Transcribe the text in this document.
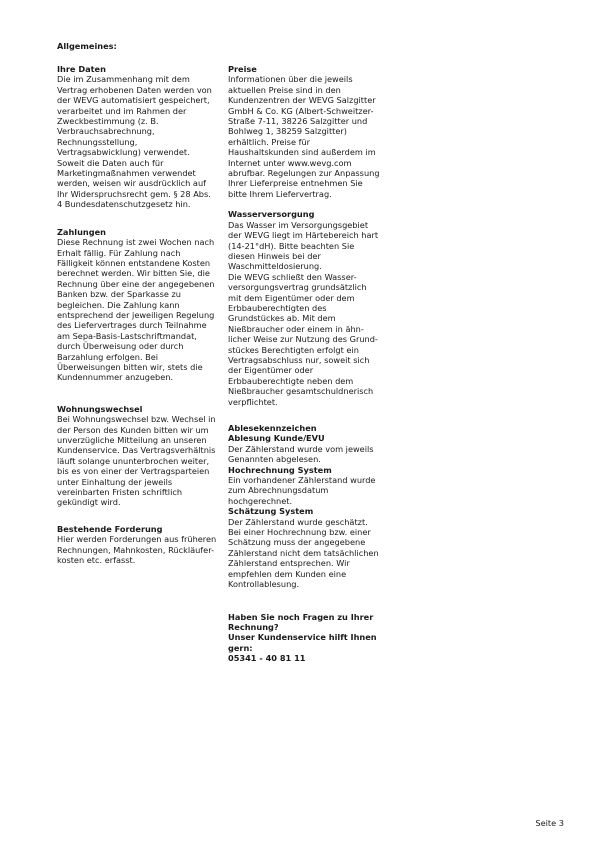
Allgemeines:
Ihre Daten
Die im Zusammenhang mit dem
Vertrag erhobenen Daten werden von
der WEVG automatisiert gespeichert,
verarbeitet und im Rahmen der
Zweckbestimmung (z. B.
Verbrauchsabrechnung,
Rechnungsstellung,
Vertragsabwicklung) verwendet.
Soweit die Daten auch für
Marketingmaßnahmen verwendet
werden, weisen wir ausdrücklich auf
Ihr Widerspruchsrecht gem. § 28 Abs.
4 Bundesdatenschutzgesetz hin.
Zahlungen
Diese Rechnung ist zwei Wochen nach
Erhalt fällig. Für Zahlung nach
Fälligkeit können entstandene Kosten
berechnet werden. Wir bitten Sie, die
Rechnung über eine der angegebenen
Banken bzw. der Sparkasse zu
begleichen. Die Zahlung kann
entsprechend der jeweiligen Regelung
des Liefervertrages durch Teilnahme
am Sepa-Basis-Lastschriftmandat,
durch Überweisung oder durch
Barzahlung erfolgen. Bei
Überweisungen bitten wir, stets die
Kundennummer anzugeben.
Wohnungswechsel
Bei Wohnungswechsel bzw. Wechsel in
der Person des Kunden bitten wir um
unverzügliche Mitteilung an unseren
Kundenservice. Das Vertragsverhältnis
läuft solange ununterbrochen weiter,
bis es von einer der Vertragsparteien
unter Einhaltung der jeweils
vereinbarten Fristen schriftlich
gekündigt wird.
Bestehende Forderung
Hier werden Forderungen aus früheren
Rechnungen, Mahnkosten, Rückläufer-
kosten etc. erfasst.
Preise
Informationen über die jeweils
aktuellen Preise sind in den
Kundenzentren der WEVG Salzgitter
GmbH & Co. KG (Albert-Schweitzer-
Straße 7-11, 38226 Salzgitter und
Bohlweg 1, 38259 Salzgitter)
erhältlich. Preise für
Haushaltskunden sind außerdem im
Internet unter www.wevg.com
abrufbar. Regelungen zur Anpassung
Ihrer Lieferpreise entnehmen Sie
bitte Ihrem Liefervertrag.
Wasserversorgung
Das Wasser im Versorgungsgebiet
der WEVG liegt im Härtebereich hart
(14-21°dH). Bitte beachten Sie
diesen Hinweis bei der
Waschmitteldosierung.
Die WEVG schließt den Wasser-
versorgungsvertrag grundsätzlich
mit dem Eigentümer oder dem
Erbbauberechtigten des
Grundstückes ab. Mit dem
Nießbraucher oder einem in ähn-
licher Weise zur Nutzung des Grund-
stückes Berechtigten erfolgt ein
Vertragsabschluss nur, soweit sich
der Eigentümer oder
Erbbauberechtigte neben dem
Nießbraucher gesamtschuldnerisch
verpflichtet.
Ablesekennzeichen
Ablesung Kunde/EVU
Der Zählerstand wurde vom jeweils
Genannten abgelesen.
Hochrechnung System
Ein vorhandener Zählerstand wurde
zum Abrechnungsdatum
hochgerechnet.
Schätzung System
Der Zählerstand wurde geschätzt.
Bei einer Hochrechnung bzw. einer
Schätzung muss der angegebene
Zählerstand nicht dem tatsächlichen
Zählerstand entsprechen. Wir
empfehlen dem Kunden eine
Kontrollablesung.
Haben Sie noch Fragen zu Ihrer
Rechnung?
Unser Kundenservice hilft Ihnen
gern:
05341 - 40 81 11
Seite 3
